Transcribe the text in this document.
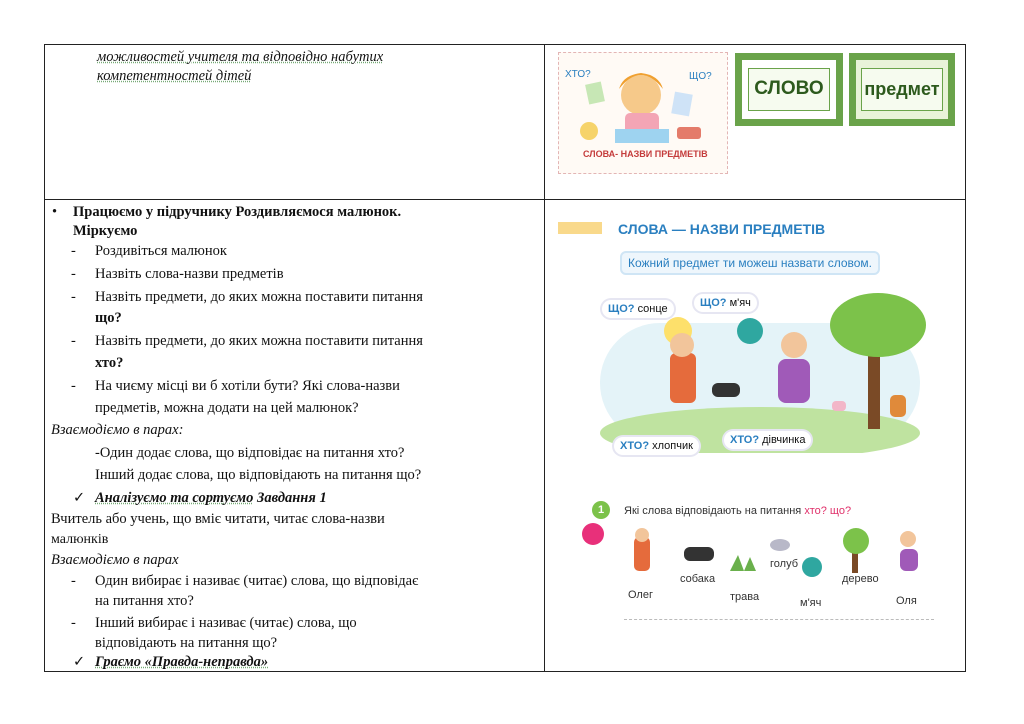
можливостей учителя та відповідно набутих
компетентностей дітей	ХТО?	ЩО?
СЛОВА- НАЗВИ ПРЕДМЕТІВ
СЛОВО предмет
• Працюємо у підручнику Роздивляємося малюнок.
Міркуємо
- Роздивіться малюнок
- Назвіть слова-назви предметів
- Назвіть предмети, до яких можна поставити питання
що?
- Назвіть предмети, до яких можна поставити питання
хто?
- На чиєму місці ви б хотіли бути? Які слова-назви
предметів, можна додати на цей малюнок?
Взаємодіємо в парах:
-Один додає слова, що відповідає на питання хто?
Інший додає слова, що відповідають на питання що?
✓ Аналізуємо та сортуємо Завдання 1
Вчитель або учень, що вміє читати, читає слова-назви
малюнків
Взаємодіємо в парах
- Один вибирає і називає (читає) слова, що відповідає
на питання хто?
- Інший вибирає і називає (читає) слова, що
відповідають на питання що?
✓ Граємо «Правда-неправда»
СЛОВА — НАЗВИ ПРЕДМЕТІВ
Кожний предмет ти можеш назвати словом.
ЩО? сонце	ЩО? м'яч
ХТО? хлопчик	ХТО? дівчинка
1	Які слова відповідають на питання хто? що?
Олег
собака
трава
голуб
м'яч
дерево
Оля
